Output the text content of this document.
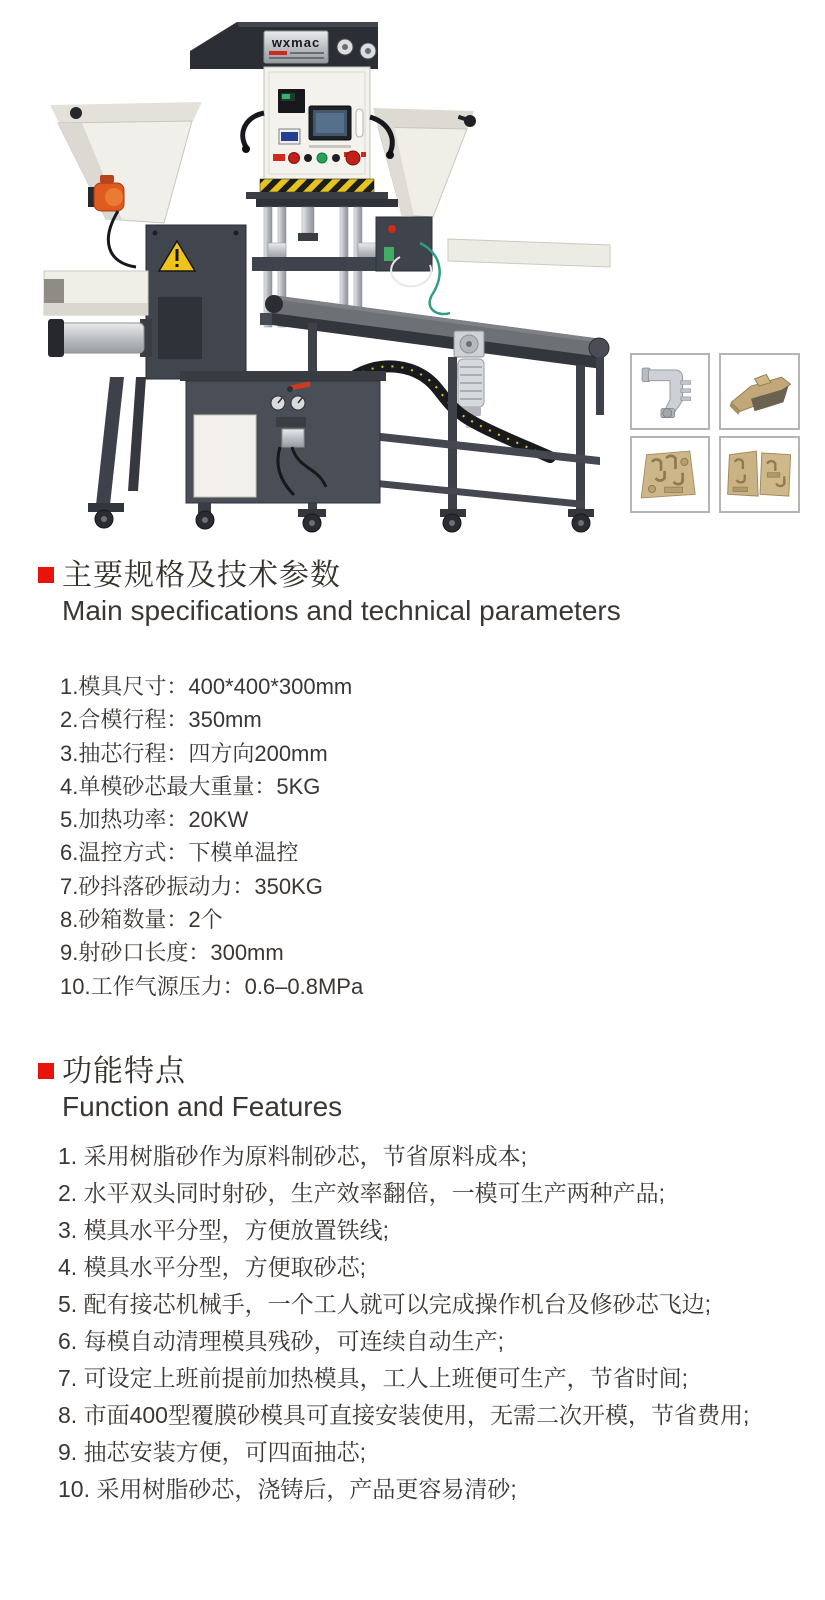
wxmac
主要规格及技术参数
Main specifications and technical parameters
1.模具尺寸：400*400*300mm
2.合模行程：350mm
3.抽芯行程：四方向200mm
4.单模砂芯最大重量：5KG
5.加热功率：20KW
6.温控方式：下模单温控
7.砂抖落砂振动力：350KG
8.砂箱数量：2个
9.射砂口长度：300mm
10.工作气源压力：0.6–0.8MPa
功能特点
Function and Features
1. 采用树脂砂作为原料制砂芯，节省原料成本;
2. 水平双头同时射砂，生产效率翻倍，一模可生产两种产品;
3. 模具水平分型，方便放置铁线;
4. 模具水平分型，方便取砂芯;
5. 配有接芯机械手，一个工人就可以完成操作机台及修砂芯飞边;
6. 每模自动清理模具残砂，可连续自动生产;
7. 可设定上班前提前加热模具，工人上班便可生产，节省时间;
8. 市面400型覆膜砂模具可直接安装使用，无需二次开模，节省费用;
9. 抽芯安装方便，可四面抽芯;
10. 采用树脂砂芯，浇铸后，产品更容易清砂;
